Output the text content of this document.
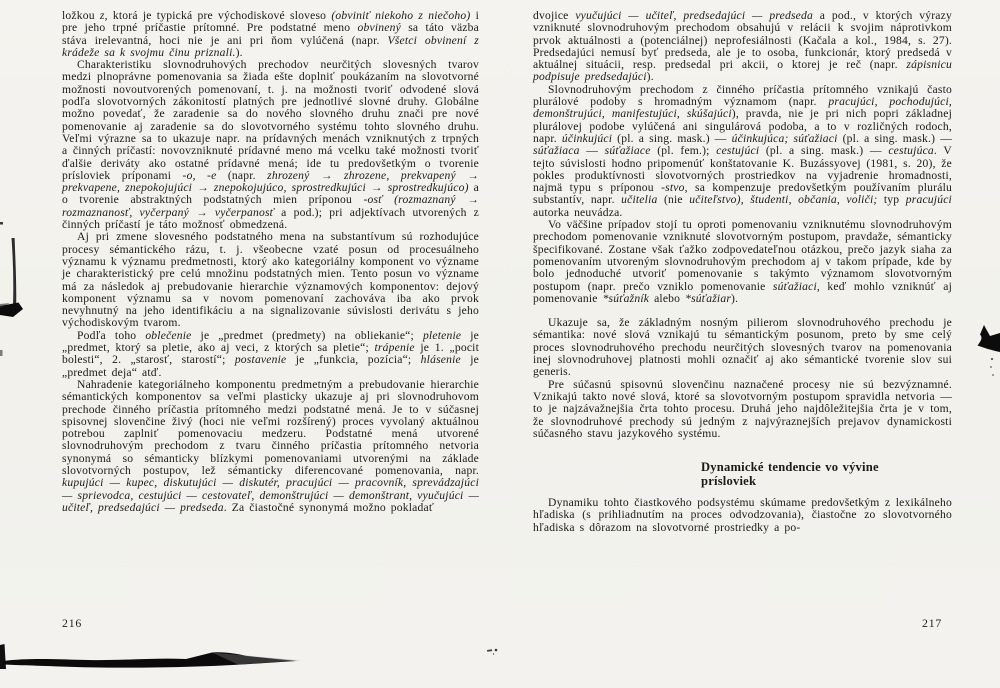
ložkou z, ktorá je typická pre východiskové sloveso (obviniť niekoho z niečoho) i pre jeho trpné príčastie prítomné. Pre podstatné meno obvinený sa táto väzba stáva irelevantná, hoci nie je ani pri ňom vylúčená (napr. Všetci obvinení z krádeže sa k svojmu činu priznali.).

Charakteristiku slovnodruhových prechodov neurčitých slovesných tvarov medzi plnoprávne pomenovania sa žiada ešte doplniť poukázaním na slovotvorné možnosti novoutvorených pomenovaní, t. j. na možnosti tvoriť odvodené slová podľa slovotvorných zákonitostí platných pre jednotlivé slovné druhy. Globálne možno povedať, že zaradenie sa do nového slovného druhu znači pre nové pomenovanie aj zaradenie sa do slovotvorného systému tohto slovného druhu. Veľmi výrazne sa to ukazuje napr. na prídavných menách vzniknutých z trpných a činných príčastí: novovzniknuté prídavné meno má vcelku také možnosti tvoriť ďalšie deriváty ako ostatné prídavné mená; ide tu predovšetkým o tvorenie prísloviek príponami -o, -e (napr. zhrozený → zhrozene, prekvapený → prekvapene, znepokojujúci → znepokojujúco, sprostredkujúci → sprostredkujúco) a o tvorenie abstraktných podstatných mien príponou -osť (rozmaznaný → rozmaznanosť, vyčerpaný → vyčerpanosť a pod.); pri adjektívach utvorených z činných príčastí je táto možnosť obmedzená.

Aj pri zmene slovesného podstatného mena na substantívum sú rozhodujúce procesy sémantického rázu, t. j. všeobecne vzaté posun od procesuálneho významu k významu predmetnosti, ktorý ako kategoriálny komponent vo význame je charakteristický pre celú množinu podstatných mien. Tento posun vo význame má za následok aj prebudovanie hierarchie významových komponentov: dejový komponent významu sa v novom pomenovaní zachováva iba ako prvok nevyhnutný na jeho identifikáciu a na signalizovanie súvislosti derivátu s jeho východiskovým tvarom.

Podľa toho oblečenie je „predmet (predmety) na obliekanie“; pletenie je „predmet, ktorý sa pletie, ako aj veci, z ktorých sa pletie“; trápenie je 1. „pocit bolesti“, 2. „starosť, starostí“; postavenie je „funkcia, pozícia“; hlásenie je „predmet deja“ atď.

Nahradenie kategoriálneho komponentu predmetným a prebudovanie hierarchie sémantických komponentov sa veľmi plasticky ukazuje aj pri slovnodruhovom prechode činného príčastia prítomného medzi podstatné mená. Je to v súčasnej spisovnej slovenčine živý (hoci nie veľmi rozšírený) proces vyvolaný aktuálnou potrebou zaplniť pomenovaciu medzeru. Podstatné mená utvorené slovnodruhovým prechodom z tvaru činného príčastia prítomného netvoria synonymá so sémanticky blízkymi pomenovaniami utvorenými na základe slovotvorných postupov, lež sémanticky diferencované pomenovania, napr. kupujúci — kupec, diskutujúci — diskutér, pracujúci — pracovník, sprevádzajúci — sprievodca, cestujúci — cestovateľ, demonštrujúci — demonštrant, vyučujúci — učiteľ, predsedajúci — predseda. Za čiastočné synonymá možno pokladať

dvojice vyučujúci — učiteľ, predsedajúci — predseda a pod., v ktorých výrazy vzniknuté slovnodruhovým prechodom obsahujú v relácii k svojim náprotivkom prvok aktuálnosti a (potenciálnej) neprofesiálnosti (Kačala a kol., 1984, s. 27). Predsedajúci nemusí byť predseda, ale je to osoba, funkcionár, ktorý predsedá v aktuálnej situácii, resp. predsedal pri akcii, o ktorej je reč (napr. zápisnicu podpisuje predsedajúci).

Slovnodruhovým prechodom z činného príčastia prítomného vznikajú často plurálové podoby s hromadným významom (napr. pracujúci, pochodujúci, demonštrujúci, manifestujúci, skúšajúci), pravda, nie je pri nich popri základnej plurálovej podobe vylúčená ani singulárová podoba, a to v rozličných rodoch, napr. účinkujúci (pl. a sing. mask.) — účinkujúca; súťažiaci (pl. a sing. mask.) — súťažiaca — súťažiace (pl. fem.); cestujúci (pl. a sing. mask.) — cestujúca. V tejto súvislosti hodno pripomenúť konštatovanie K. Buzássyovej (1981, s. 20), že pokles produktívnosti slovotvorných prostriedkov na vyjadrenie hromadnosti, najmä typu s príponou -stvo, sa kompenzuje predovšetkým používaním plurálu substantív, napr. učitelia (nie učiteľstvo), študenti, občania, voliči; typ pracujúci autorka neuvádza.

Vo väčšine prípadov stojí tu oproti pomenovaniu vzniknutému slovnodruhovým prechodom pomenovanie vzniknuté slovotvorným postupom, pravdaže, sémanticky špecifikované. Zostane však ťažko zodpovedateľnou otázkou, prečo jazyk siaha za pomenovaním utvoreným slovnodruhovým prechodom aj v takom prípade, kde by bolo jednoduché utvoriť pomenovanie s takýmto významom slovotvorným postupom (napr. prečo vzniklo pomenovanie súťažiaci, keď mohlo vzniknúť aj pomenovanie *súťažník alebo *súťažiar).

Ukazuje sa, že základným nosným pilierom slovnodruhového prechodu je sémantika: nové slová vznikajú tu sémantickým posunom, preto by sme celý proces slovnodruhového prechodu neurčitých slovesných tvarov na pomenovania inej slovnodruhovej platnosti mohli označiť aj ako sémantické tvorenie slov sui generis.

Pre súčasnú spisovnú slovenčinu naznačené procesy nie sú bezvýznamné. Vznikajú takto nové slová, ktoré sa slovotvorným postupom spravidla netvoria — to je najzávažnejšia črta tohto procesu. Druhá jeho najdôležitejšia črta je v tom, že slovnodruhové prechody sú jedným z najvýraznejších prejavov dynamickosti súčasného stavu jazykového systému.

Dynamické tendencie vo vývine prísloviek

Dynamiku tohto čiastkového podsystému skúmame predovšetkým z lexikálneho hľadiska (s prihliadnutím na proces odvodzovania), čiastočne zo slovotvorného hľadiska s dôrazom na slovotvorné prostriedky a po-

216	217
